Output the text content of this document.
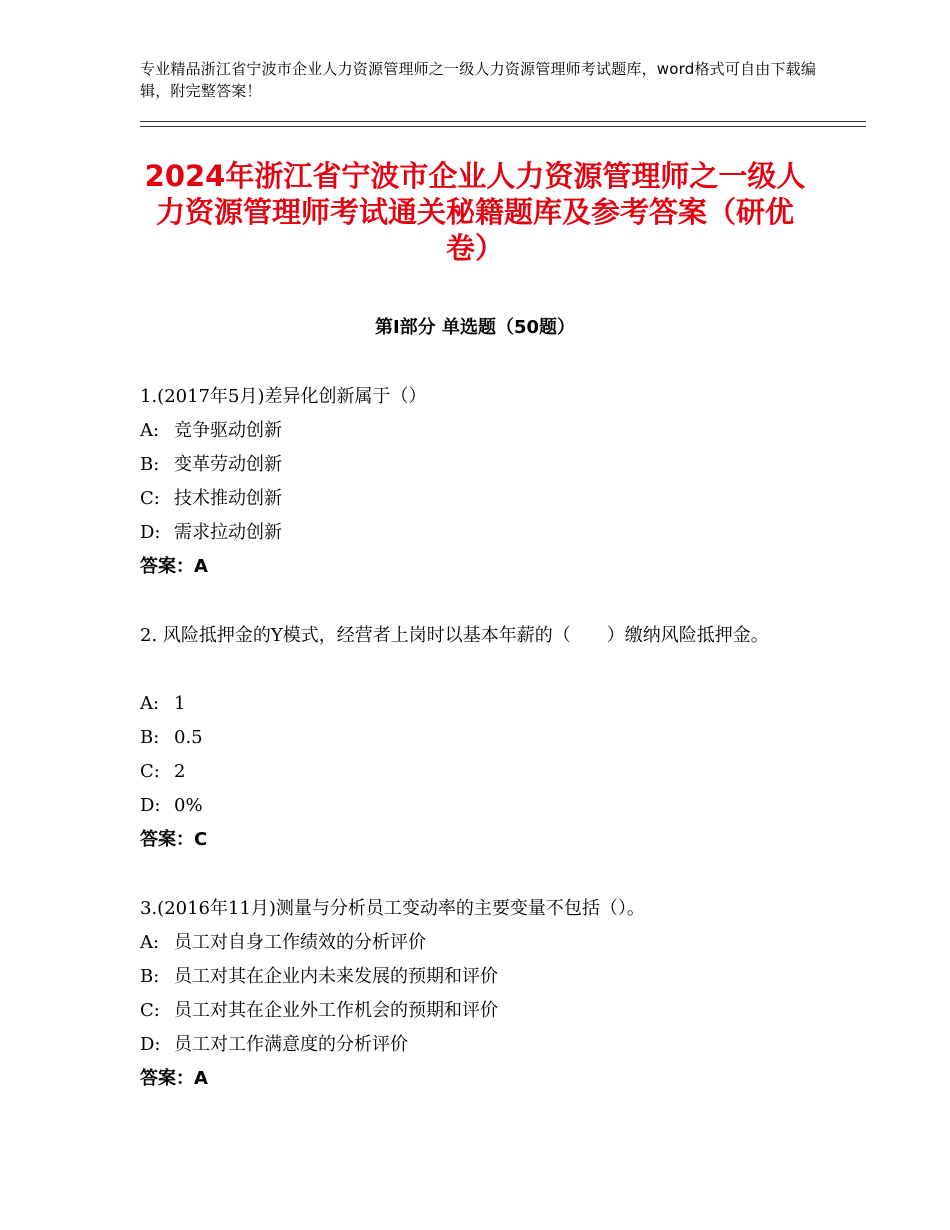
专业精品浙江省宁波市企业人力资源管理师之一级人力资源管理师考试题库，word格式可自由下载编辑，附完整答案！
2024年浙江省宁波市企业人力资源管理师之一级人力资源管理师考试通关秘籍题库及参考答案（研优卷）
第Ⅰ部分 单选题（50题）
1.(2017年5月)差异化创新属于（）
A: 竞争驱动创新
B: 变革劳动创新
C: 技术推动创新
D: 需求拉动创新
答案：A
2. 风险抵押金的Y模式，经营者上岗时以基本年薪的（　　）缴纳风险抵押金。
A: 1
B: 0.5
C: 2
D: 0%
答案：C
3.(2016年11月)测量与分析员工变动率的主要变量不包括（）。
A: 员工对自身工作绩效的分析评价
B: 员工对其在企业内未来发展的预期和评价
C: 员工对其在企业外工作机会的预期和评价
D: 员工对工作满意度的分析评价
答案：A
